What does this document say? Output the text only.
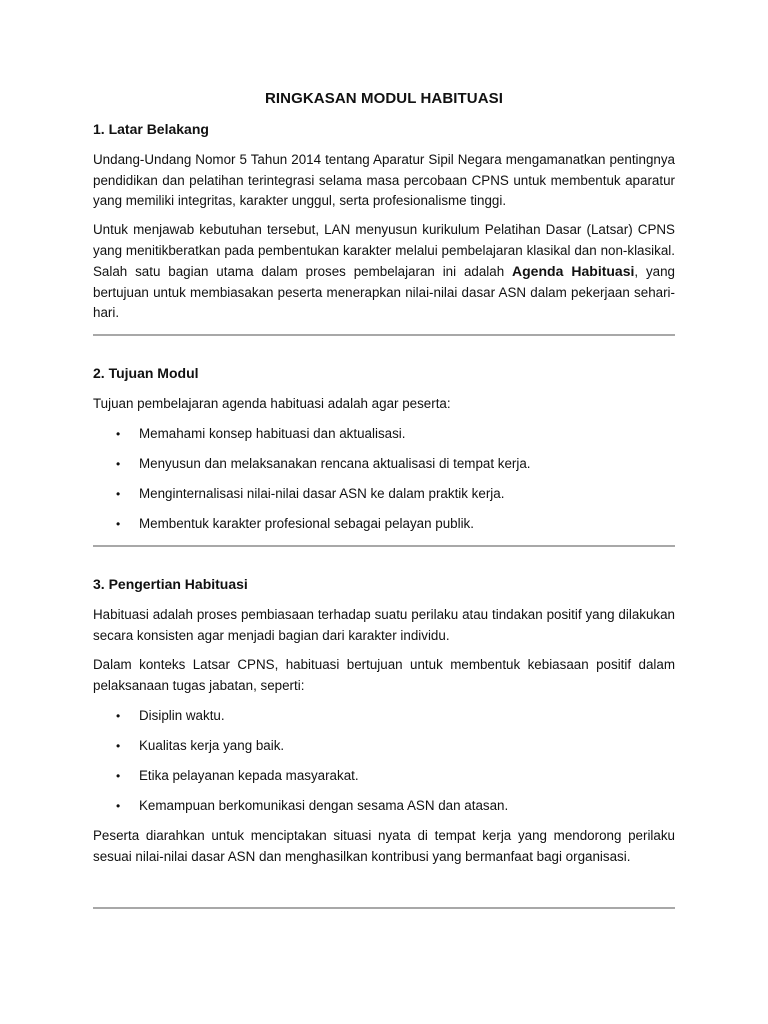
RINGKASAN MODUL HABITUASI
1. Latar Belakang
Undang-Undang Nomor 5 Tahun 2014 tentang Aparatur Sipil Negara mengamanatkan pentingnya pendidikan dan pelatihan terintegrasi selama masa percobaan CPNS untuk membentuk aparatur yang memiliki integritas, karakter unggul, serta profesionalisme tinggi.
Untuk menjawab kebutuhan tersebut, LAN menyusun kurikulum Pelatihan Dasar (Latsar) CPNS yang menitikberatkan pada pembentukan karakter melalui pembelajaran klasikal dan non-klasikal. Salah satu bagian utama dalam proses pembelajaran ini adalah Agenda Habituasi, yang bertujuan untuk membiasakan peserta menerapkan nilai-nilai dasar ASN dalam pekerjaan sehari-hari.
2. Tujuan Modul
Tujuan pembelajaran agenda habituasi adalah agar peserta:
• Memahami konsep habituasi dan aktualisasi.
• Menyusun dan melaksanakan rencana aktualisasi di tempat kerja.
• Menginternalisasi nilai-nilai dasar ASN ke dalam praktik kerja.
• Membentuk karakter profesional sebagai pelayan publik.
3. Pengertian Habituasi
Habituasi adalah proses pembiasaan terhadap suatu perilaku atau tindakan positif yang dilakukan secara konsisten agar menjadi bagian dari karakter individu.
Dalam konteks Latsar CPNS, habituasi bertujuan untuk membentuk kebiasaan positif dalam pelaksanaan tugas jabatan, seperti:
• Disiplin waktu.
• Kualitas kerja yang baik.
• Etika pelayanan kepada masyarakat.
• Kemampuan berkomunikasi dengan sesama ASN dan atasan.
Peserta diarahkan untuk menciptakan situasi nyata di tempat kerja yang mendorong perilaku sesuai nilai-nilai dasar ASN dan menghasilkan kontribusi yang bermanfaat bagi organisasi.
